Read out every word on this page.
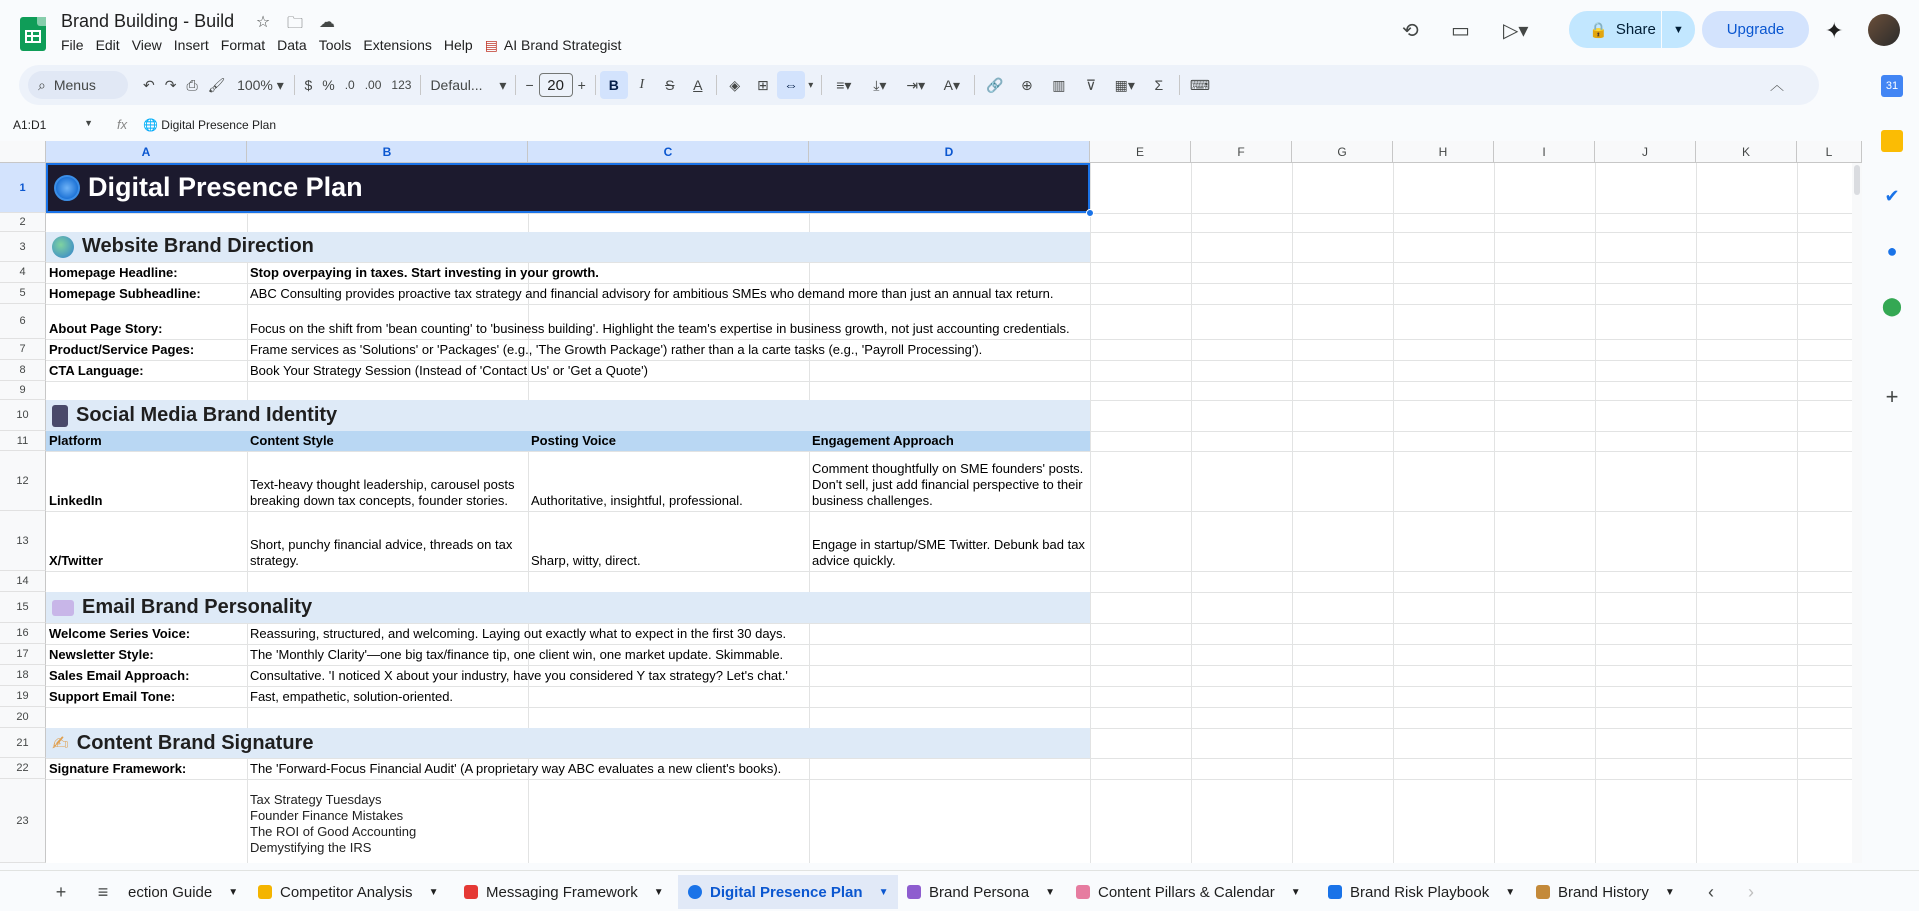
Brand Building - Build ☆ 🗀 ☁
File Edit View Insert Format Data Tools Extensions Help ▤ AI Brand Strategist
⟲ ▭ ▷▾	🔒 Share	▼	Upgrade	✦
⌕ Menus	↶ ↷ ⎙ 🖌 100% ▾	$ % .0 .00 123	Defaul... ▾	− 20 +	B	I	S	A	◈	⊞	⇔	▾	≡▾	⤓▾	⇥▾	A▾	🔗	⊕	▥	⊽	▦▾	Σ	⌨	︿
A1:D1	▼ fx 🌐 Digital Presence Plan
A	B	C	D	E	F	G	H	I	J	K	L
1
2
3
4
5
6
7
8
9
10
11
12
13
14
15
16
17
18
19
20
21
22
23
Digital Presence Plan
Website Brand Direction
Homepage Headline:	Stop overpaying in taxes. Start investing in your growth.
Homepage Subheadline:	ABC Consulting provides proactive tax strategy and financial advisory for ambitious SMEs who demand more than just an annual tax return.
About Page Story:	Focus on the shift from 'bean counting' to 'business building'. Highlight the team's expertise in business growth, not just accounting credentials.
Product/Service Pages:	Frame services as 'Solutions' or 'Packages' (e.g., 'The Growth Package') rather than a la carte tasks (e.g., 'Payroll Processing').
CTA Language:	Book Your Strategy Session (Instead of 'Contact Us' or 'Get a Quote')
Social Media Brand Identity
Platform	Content Style	Posting Voice	Engagement Approach
LinkedIn
Text-heavy thought leadership, carousel posts breaking down tax concepts, founder stories.	Authoritative, insightful, professional.
Comment thoughtfully on SME founders' posts. Don't sell, just add financial perspective to their business challenges.
X/Twitter
Short, punchy financial advice, threads on tax strategy.	Sharp, witty, direct.
Engage in startup/SME Twitter. Debunk bad tax advice quickly.
Email Brand Personality
Welcome Series Voice:	Reassuring, structured, and welcoming. Laying out exactly what to expect in the first 30 days.
Newsletter Style:	The 'Monthly Clarity'—one big tax/finance tip, one client win, one market update. Skimmable.
Sales Email Approach:	Consultative. 'I noticed X about your industry, have you considered Y tax strategy? Let's chat.'
Support Email Tone:	Fast, empathetic, solution-oriented.
✍ Content Brand Signature
Signature Framework:	The 'Forward-Focus Financial Audit' (A proprietary way ABC evaluates a new client's books).
Tax Strategy Tuesdays
Founder Finance Mistakes
The ROI of Good Accounting
Demystifying the IRS
31
✔
●
⬤
+
+	≡	ection Guide ▼	Competitor Analysis ▼	Messaging Framework ▼	Digital Presence Plan ▼	Brand Persona ▼	Content Pillars & Calendar ▼	Brand Risk Playbook ▼	Brand History ▼	‹	›
